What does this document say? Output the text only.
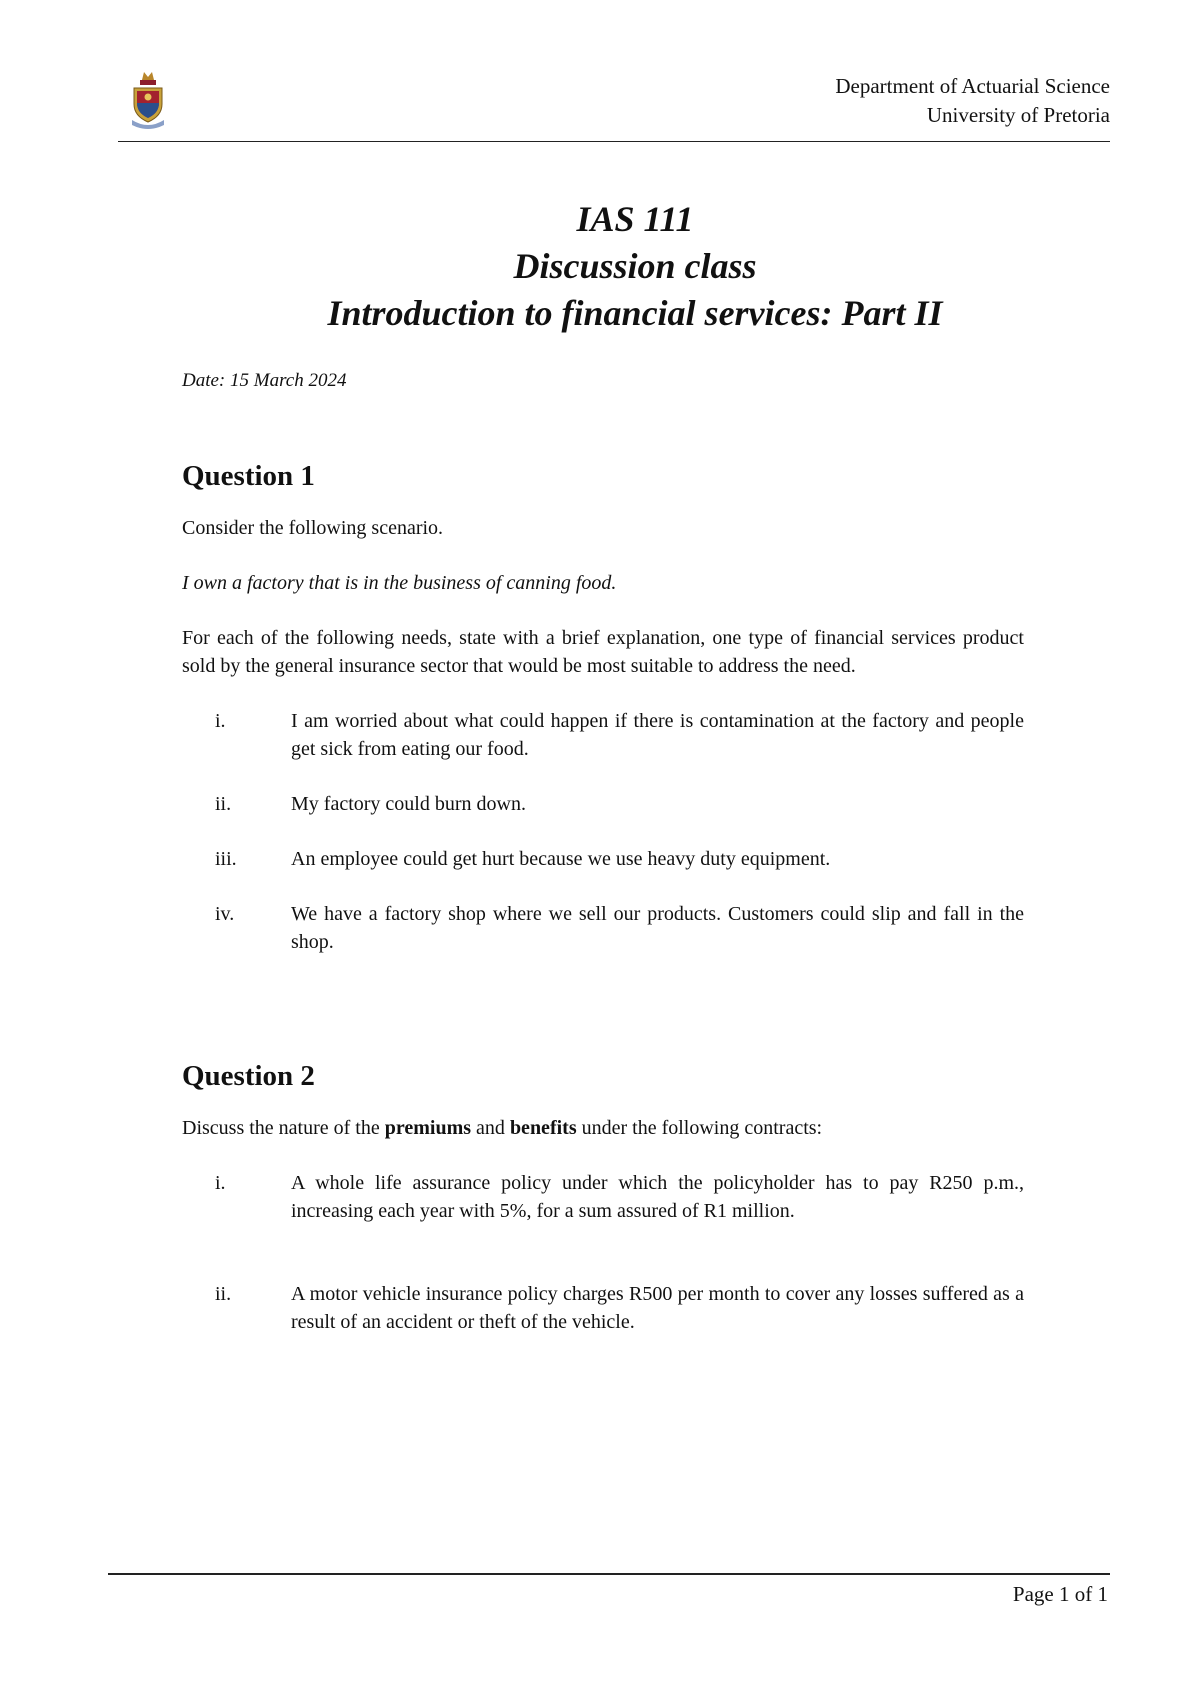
Department of Actuarial Science
University of Pretoria
IAS 111
Discussion class
Introduction to financial services: Part II
Date: 15 March 2024
Question 1

Consider the following scenario.

I own a factory that is in the business of canning food.

For each of the following needs, state with a brief explanation, one type of financial services product sold by the general insurance sector that would be most suitable to address the need.

i.	I am worried about what could happen if there is contamination at the factory and people get sick from eating our food.
ii.	My factory could burn down.
iii.	An employee could get hurt because we use heavy duty equipment.
iv.	We have a factory shop where we sell our products. Customers could slip and fall in the shop.
Question 2

Discuss the nature of the premiums and benefits under the following contracts:

i.	A whole life assurance policy under which the policyholder has to pay R250 p.m., increasing each year with 5%, for a sum assured of R1 million.
ii.	A motor vehicle insurance policy charges R500 per month to cover any losses suffered as a result of an accident or theft of the vehicle.
Page 1 of 1
